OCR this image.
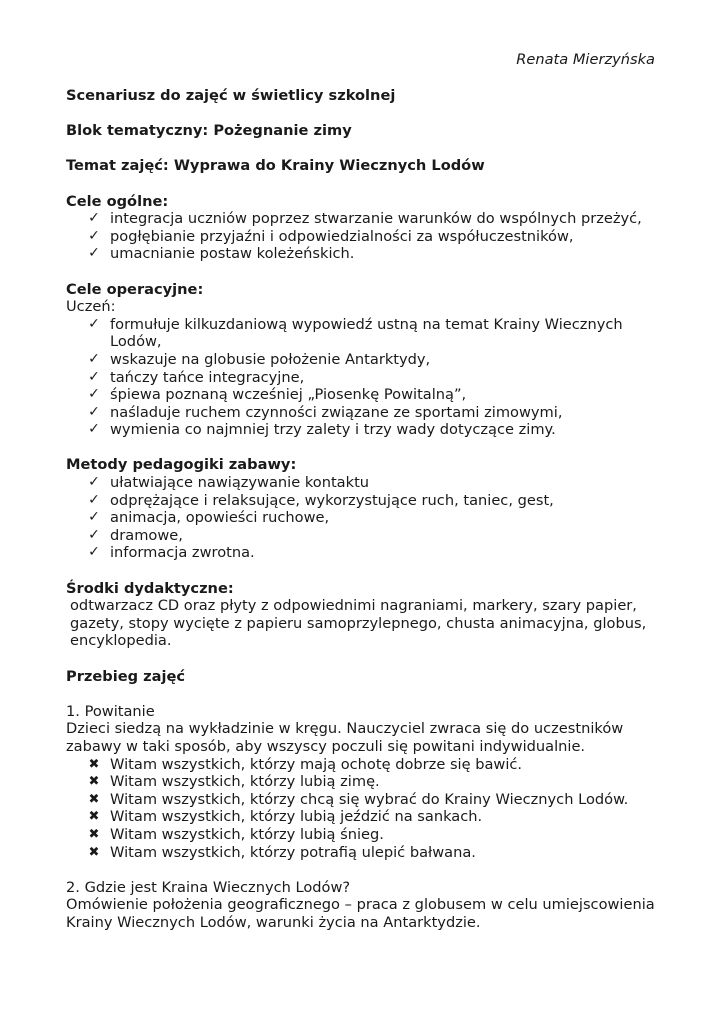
Renata Mierzyńska

Scenariusz do zajęć w świetlicy szkolnej

Blok tematyczny: Pożegnanie zimy

Temat zajęć: Wyprawa do Krainy Wiecznych Lodów

Cele ogólne:

✓ integracja uczniów poprzez stwarzanie warunków do wspólnych przeżyć,
✓ pogłębianie przyjaźni i odpowiedzialności za współuczestników,
✓ umacnianie postaw koleżeńskich.

Cele operacyjne:

Uczeń:

✓ formułuje kilkuzdaniową wypowiedź ustną na temat Krainy Wiecznych Lodów,
✓ wskazuje na globusie położenie Antarktydy,
✓ tańczy tańce integracyjne,
✓ śpiewa poznaną wcześniej „Piosenkę Powitalną”,
✓ naśladuje ruchem czynności związane ze sportami zimowymi,
✓ wymienia co najmniej trzy zalety i trzy wady dotyczące zimy.

Metody pedagogiki zabawy:

✓ ułatwiające nawiązywanie kontaktu
✓ odprężające i relaksujące, wykorzystujące ruch, taniec, gest,
✓ animacja, opowieści ruchowe,
✓ dramowe,
✓ informacja zwrotna.

Środki dydaktyczne:

odtwarzacz CD oraz płyty z odpowiednimi nagraniami, markery, szary papier, gazety, stopy wycięte z papieru samoprzylepnego, chusta animacyjna, globus, encyklopedia.

Przebieg zajęć

1. Powitanie

Dzieci siedzą na wykładzinie w kręgu. Nauczyciel zwraca się do uczestników zabawy w taki sposób, aby wszyscy poczuli się powitani indywidualnie.

✖ Witam wszystkich, którzy mają ochotę dobrze się bawić.
✖ Witam wszystkich, którzy lubią zimę.
✖ Witam wszystkich, którzy chcą się wybrać do Krainy Wiecznych Lodów.
✖ Witam wszystkich, którzy lubią jeździć na sankach.
✖ Witam wszystkich, którzy lubią śnieg.
✖ Witam wszystkich, którzy potrafią ulepić bałwana.

2. Gdzie jest Kraina Wiecznych Lodów?

Omówienie położenia geograficznego – praca z globusem w celu umiejscowienia Krainy Wiecznych Lodów, warunki życia na Antarktydzie.
